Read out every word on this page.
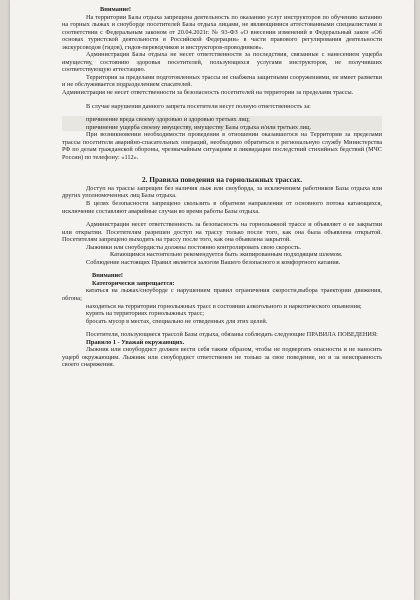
Внимание!

На территории Базы отдыха запрещена деятельность по оказанию услуг инструкторов по обучению катанию на горных лыжах и сноуборде посетителей Базы отдыха лицами, не являющимися аттестованными специалистами в соответствии с Федеральным законом от 20.04.2021г. № 93-ФЗ «О внесении изменений в Федеральный закон «Об основах туристской деятельности в Российской Федерации» в части правового регулирования деятельности экскурсоводов (гидов), гидов-переводчиков и инструкторов-проводников».

Администрация Базы отдыха не несет ответственности за последствия, связанные с нанесением ущерба имуществу, состоянию здоровья посетителей, пользующихся услугами инструкторов, не получивших соответствующую аттестацию.

Территория за пределами подготовленных трассы не снабжена защитными сооружениями, не имеет разметки и не обслуживается подразделением спасателей.

Администрация не несет ответственности за безопасность посетителей на территории за пределами трассы.

В случае нарушения данного запрета посетители несут полную ответственность за:

причинение вреда своему здоровью и здоровью третьих лиц;

причинение ущерба своему имуществу, имуществу Базы отдыха и/или третьих лиц.

При возникновении необходимости проведения в отношении оказавшегося на Территории за пределами трассы посетителя аварийно-спасательных операций, необходимо обратиться в региональную службу Министерства РФ по делам гражданской обороны, чрезвычайным ситуациям и ликвидации последствий стихийных бедствий (МЧС России) по телефону: «112».

2. Правила поведения на горнолыжных трассах.

Доступ на трассы запрещен без наличия лыж или сноуборда, за исключением работников Базы отдыха или других уполномоченных лиц Базы отдыха.

В целях безопасности запрещено скользить в обратном направлении от основного потока катающихся, исключение составляют аварийные случаи во время работы Базы отдыха.

Администрация несет ответственность за безопасность на горнолыжной трассе и объявляет о ее закрытии или открытии. Посетителям разрешен доступ на трассу только после того, как она была объявлена открытой. Посетителям запрещено выходить на трассу после того, как она объявлена закрытой.

Лыжники или сноубордисты должны постоянно контролировать свою скорость.

Катающимся настоятельно рекомендуется быть экипированным подходящим шлемом.

Соблюдение настоящих Правил является залогом Вашего безопасного и комфортного катания.

Внимание!

Категорически запрещается:

кататься на лыжах/сноуборде с нарушением правил ограничения скорости,выбора траектории движения, обгона;

находиться на территории горнолыжных трасс в состоянии алкогольного и наркотического опьянения;

курить на территориях горнолыжных трасс;

бросать мусор в местах, специально не отведенных для этих целей.

Посетители, пользующиеся трассой Базы отдыха, обязаны соблюдать следующие ПРАВИЛА ПОВЕДЕНИЯ:

Правило 1 - Уважай окружающих.

Лыжник или сноубордист должен вести себя таким образом, чтобы не подвергать опасности и не наносить ущерб окружающим. Лыжник или сноубордист ответственен не только за свое поведение, но и за неисправность своего снаряжения.
